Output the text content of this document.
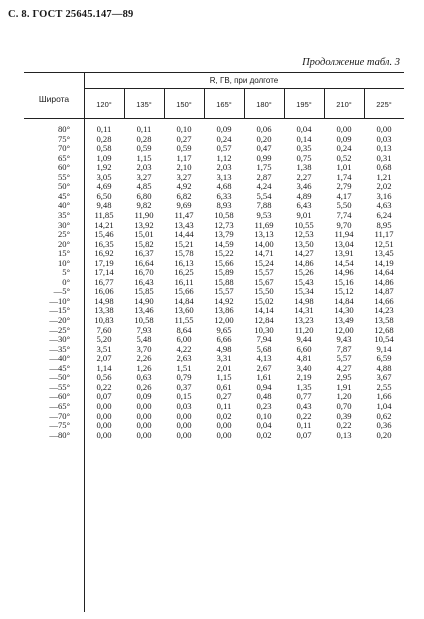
С. 8. ГОСТ 25645.147—89
Продолжение табл. 3
Широта
R, ГВ, при долготе
120°	135°	150°	165°	180°	195°	210°	225°
80°	0,11	0,11	0,10	0,09	0,06	0,04	0,00	0,00
75°	0,28	0,28	0,27	0,24	0,20	0,14	0,09	0,03
70°	0,58	0,59	0,59	0,57	0,47	0,35	0,24	0,13
65°	1,09	1,15	1,17	1,12	0,99	0,75	0,52	0,31
60°	1,92	2,03	2,10	2,03	1,75	1,38	1,01	0,68
55°	3,05	3,27	3,27	3,13	2,87	2,27	1,74	1,21
50°	4,69	4,85	4,92	4,68	4,24	3,46	2,79	2,02
45°	6,50	6,80	6,82	6,33	5,54	4,89	4,17	3,16
40°	9,48	9,82	9,69	8,93	7,88	6,43	5,50	4,63
35°	11,85	11,90	11,47	10,58	9,53	9,01	7,74	6,24
30°	14,21	13,92	13,43	12,73	11,69	10,55	9,70	8,95
25°	15,46	15,01	14,44	13,79	13,13	12,53	11,94	11,17
20°	16,35	15,82	15,21	14,59	14,00	13,50	13,04	12,51
15°	16,92	16,37	15,78	15,22	14,71	14,27	13,91	13,45
10°	17,19	16,64	16,13	15,66	15,24	14,86	14,54	14,19
5°	17,14	16,70	16,25	15,89	15,57	15,26	14,96	14,64
0°	16,77	16,43	16,11	15,88	15,67	15,43	15,16	14,86
—5°	16,06	15,85	15,66	15,57	15,50	15,34	15,12	14,87
—10°	14,98	14,90	14,84	14,92	15,02	14,98	14,84	14,66
—15°	13,38	13,46	13,60	13,86	14,14	14,31	14,30	14,23
—20°	10,83	10,58	11,55	12,00	12,84	13,23	13,49	13,58
—25°	7,60	7,93	8,64	9,65	10,30	11,20	12,00	12,68
—30°	5,20	5,48	6,00	6,66	7,94	9,44	9,43	10,54
—35°	3,51	3,70	4,22	4,98	5,68	6,60	7,87	9,14
—40°	2,07	2,26	2,63	3,31	4,13	4,81	5,57	6,59
—45°	1,14	1,26	1,51	2,01	2,67	3,40	4,27	4,88
—50°	0,56	0,63	0,79	1,15	1,61	2,19	2,95	3,67
—55°	0,22	0,26	0,37	0,61	0,94	1,35	1,91	2,55
—60°	0,07	0,09	0,15	0,27	0,48	0,77	1,20	1,66
—65°	0,00	0,00	0,03	0,11	0,23	0,43	0,70	1,04
—70°	0,00	0,00	0,00	0,02	0,10	0,22	0,39	0,62
—75°	0,00	0,00	0,00	0,00	0,04	0,11	0,22	0,36
—80°	0,00	0,00	0,00	0,00	0,02	0,07	0,13	0,20
